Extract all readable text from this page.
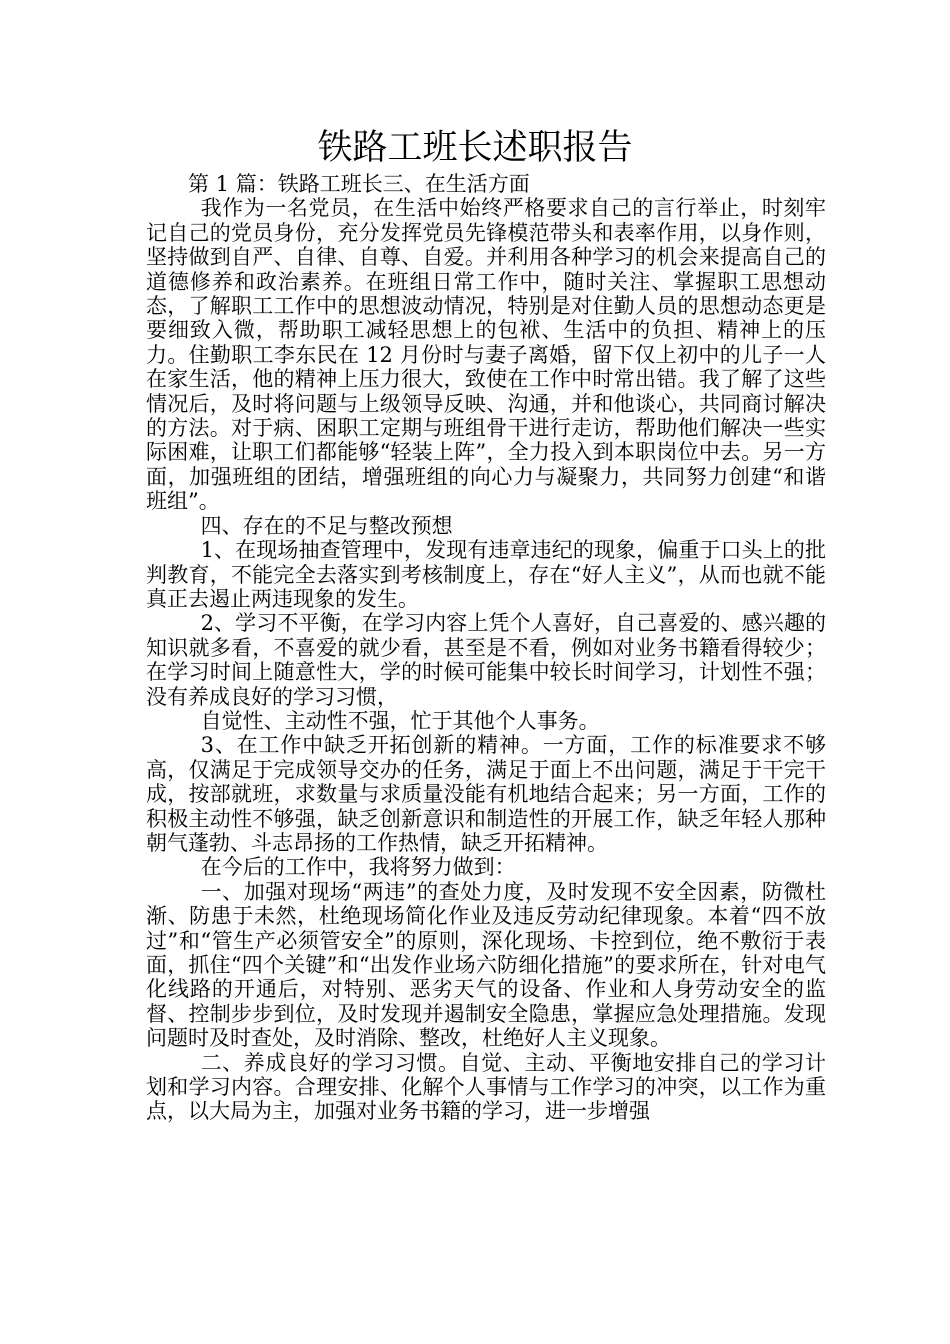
铁路工班长述职报告

第 1 篇：铁路工班长三、在生活方面

我作为一名党员，在生活中始终严格要求自己的言行举止，时刻牢记自己的党员身份，充分发挥党员先锋模范带头和表率作用，以身作则，坚持做到自严、自律、自尊、自爱。并利用各种学习的机会来提高自己的道德修养和政治素养。在班组日常工作中，随时关注、掌握职工思想动态，了解职工工作中的思想波动情况，特别是对住勤人员的思想动态更是要细致入微，帮助职工减轻思想上的包袱、生活中的负担、精神上的压力。住勤职工李东民在 12 月份时与妻子离婚，留下仅上初中的儿子一人在家生活，他的精神上压力很大，致使在工作中时常出错。我了解了这些情况后，及时将问题与上级领导反映、沟通，并和他谈心，共同商讨解决的方法。对于病、困职工定期与班组骨干进行走访，帮助他们解决一些实际困难，让职工们都能够“轻装上阵”，全力投入到本职岗位中去。另一方面，加强班组的团结，增强班组的向心力与凝聚力，共同努力创建“和谐班组”。

四、存在的不足与整改预想

1、在现场抽查管理中，发现有违章违纪的现象，偏重于口头上的批判教育，不能完全去落实到考核制度上，存在“好人主义”，从而也就不能真正去遏止两违现象的发生。

2、学习不平衡，在学习内容上凭个人喜好，自己喜爱的、感兴趣的知识就多看，不喜爱的就少看，甚至是不看，例如对业务书籍看得较少；在学习时间上随意性大，学的时候可能集中较长时间学习，计划性不强；没有养成良好的学习习惯，

自觉性、主动性不强，忙于其他个人事务。

3、在工作中缺乏开拓创新的精神。一方面，工作的标准要求不够高，仅满足于完成领导交办的任务，满足于面上不出问题，满足于干完干成，按部就班，求数量与求质量没能有机地结合起来；另一方面，工作的积极主动性不够强，缺乏创新意识和制造性的开展工作，缺乏年轻人那种朝气蓬勃、斗志昂扬的工作热情，缺乏开拓精神。

在今后的工作中，我将努力做到：

一、加强对现场“两违”的查处力度，及时发现不安全因素，防微杜渐、防患于未然，杜绝现场简化作业及违反劳动纪律现象。本着“四不放过”和“管生产必须管安全”的原则，深化现场、卡控到位，绝不敷衍于表面，抓住“四个关键”和“出发作业场六防细化措施”的要求所在，针对电气化线路的开通后，对特别、恶劣天气的设备、作业和人身劳动安全的监督、控制步步到位，及时发现并遏制安全隐患，掌握应急处理措施。发现问题时及时查处，及时消除、整改，杜绝好人主义现象。

二、养成良好的学习习惯。自觉、主动、平衡地安排自己的学习计划和学习内容。合理安排、化解个人事情与工作学习的冲突，以工作为重点，以大局为主，加强对业务书籍的学习，进一步增强
